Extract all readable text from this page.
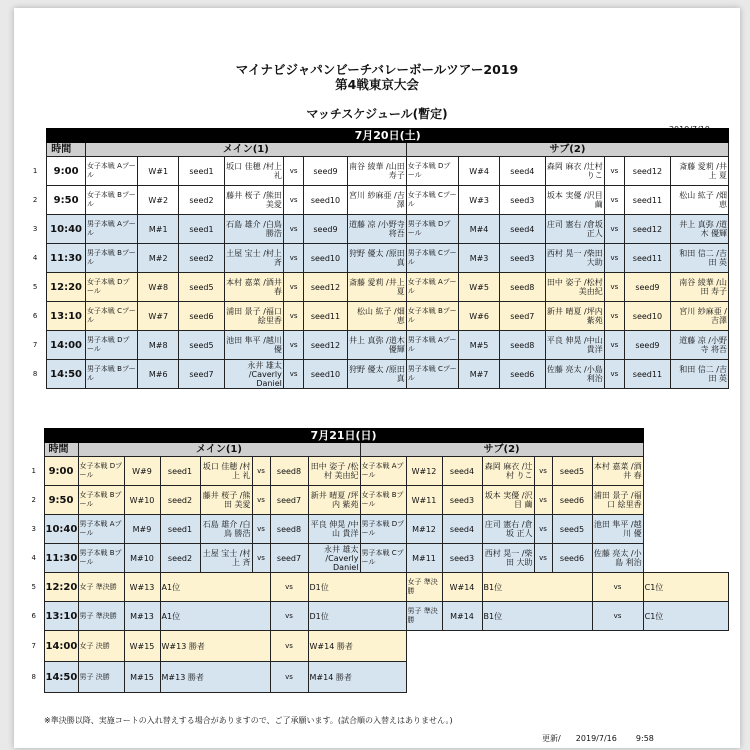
マイナビジャパンビーチバレーボールツアー2019
第4戦東京大会
マッチスケジュール(暫定)
	7月20日(土)														
	時間	メイン(1)							サブ(2)						
1	9:00	女子本戦 Aプール	W#1	seed1	坂口 佳穂 /村上 礼	vs	seed9	南谷 綾華 /山田 寿子	女子本戦 Dプール	W#4	seed4	森岡 麻衣 /辻村 りこ	vs	seed12	斎藤 愛莉 /井上 夏
2	9:50	女子本戦 Bプール	W#2	seed2	藤井 桜子 /熊田 美愛	vs	seed10	宮川 紗麻亜 /吉澤	女子本戦 Cプール	W#3	seed3	坂本 実優 /沢目 繭	vs	seed11	松山 紘子 /畑 恵
3	10:40	男子本戦 Aプール	M#1	seed1	石島 雄介 /白鳥 勝浩	vs	seed9	道藤 凉 /小野寺 将吾	男子本戦 Dプール	M#4	seed4	庄司 憲右 /倉坂 正人	vs	seed12	井上 真弥 /道木 優輝
4	11:30	男子本戦 Bプール	M#2	seed2	土屋 宝士 /村上 斉	vs	seed10	狩野 優太 /原田 真	男子本戦 Cプール	M#3	seed3	西村 晃一 /柴田 大助	vs	seed11	和田 信二 /吉田 英
5	12:20	女子本戦 Dプール	W#8	seed5	本村 嘉菜 /酒井 春	vs	seed12	斎藤 愛莉 /井上 夏	女子本戦 Aプール	W#5	seed8	田中 姿子 /松村 美由紀	vs	seed9	南谷 綾華 /山田 寿子
6	13:10	女子本戦 Cプール	W#7	seed6	浦田 景子 /福口 絵里香	vs	seed11	松山 紘子 /畑 恵	女子本戦 Bプール	W#6	seed7	新井 晴夏 /坪内 紫苑	vs	seed10	宮川 紗麻亜 /吉澤
7	14:00	男子本戦 Dプール	M#8	seed5	池田 隼平 /越川 優	vs	seed12	井上 真弥 /道木 優輝	男子本戦 Aプール	M#5	seed8	平良 伸晃 /中山 貴洋	vs	seed9	道藤 凉 /小野寺 将吾
8	14:50	男子本戦 Bプール	M#6	seed7	永井 雄太 /Caverly Daniel	vs	seed10	狩野 優太 /原田 真	男子本戦 Cプール	M#7	seed6	佐藤 亮太 /小島 利治	vs	seed11	和田 信二 /吉田 英
	7月21日(日)															
	時間	メイン(1)							サブ(2)							
1	9:00	女子本戦 Dプール	W#9	seed1	坂口 佳穂 /村上 礼	vs	seed8	田中 姿子 /松村 美由紀	女子本戦 Aプール	W#12	seed4	森岡 麻衣 /辻村 りこ	vs	seed5	本村 嘉菜 /酒井 春	
2	9:50	女子本戦 Bプール	W#10	seed2	藤井 桜子 /熊田 美愛	vs	seed7	新井 晴夏 /坪内 紫苑	女子本戦 Bプール	W#11	seed3	坂本 実優 /沢目 繭	vs	seed6	浦田 景子 /福口 絵里香	
3	10:40	男子本戦 Aプール	M#9	seed1	石島 雄介 /白鳥 勝浩	vs	seed8	平良 伸晃 /中山 貴洋	男子本戦 Dプール	M#12	seed4	庄司 憲右 /倉坂 正人	vs	seed5	池田 隼平 /越川 優	
4	11:30	男子本戦 Bプール	M#10	seed2	土屋 宝士 /村上 斉	vs	seed7	永井 雄太 /Caverly Daniel	男子本戦 Cプール	M#11	seed3	西村 晃一 /柴田 大助	vs	seed6	佐藤 亮太 /小島 利治	
5	12:20	女子 準決勝	W#13	A1位			vs	D1位		女子 準決勝	W#14	B1位			vs	C1位
6	13:10	男子 準決勝	M#13	A1位			vs	D1位		男子 準決勝	M#14	B1位			vs	C1位
7	14:00	女子 決勝	W#15	W#13 勝者			vs	W#14 勝者								
8	14:50	男子 決勝	M#15	M#13 勝者			vs	M#14 勝者								
※準決勝以降、実施コートの入れ替えする場合がありますので、ご了承願います。(試合順の入替えはありません。)
更新/ 2019/7/16 9:58
